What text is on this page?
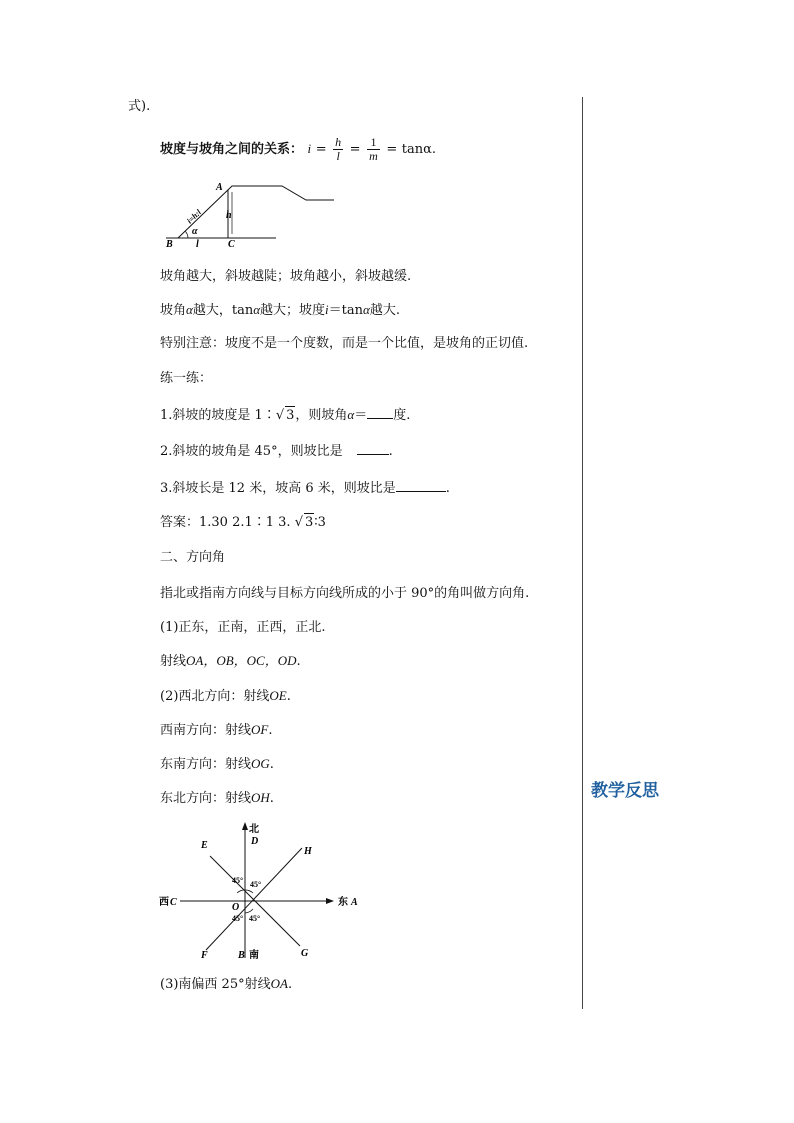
式).
坡度与坡角之间的关系： $i = \frac{h}{l} = \frac{1}{m} = \tan\alpha$.
A
B	C
h
l
α
i=h:l
坡角越大，斜坡越陡；坡角越小，斜坡越缓.
坡角α越大，tanα越大；坡度i＝tanα越大.
特别注意：坡度不是一个度数，而是一个比值，是坡角的正切值.
练一练：
1.斜坡的坡度是 1∶√ 3，则坡角α＝ 度.
2.斜坡的坡角是 45°，则坡比是	.
3.斜坡长是 12 米，坡高 6 米，则坡比是	.
答案：1.30 2.1∶1 3. √ 3∶3
二、方向角
指北或指南方向线与目标方向线所成的小于 90°的角叫做方向角.
(1)正东，正南，正西，正北.
射线OA，OB，OC，OD.
(2)西北方向：射线OE.
西南方向：射线OF.
东南方向：射线OG.
东北方向：射线OH.
北
D
E
H
西 C	东 A
O
F	B 南	G
45° 45°
45° 45°
(3)南偏西 25°射线OA.
教学反思
